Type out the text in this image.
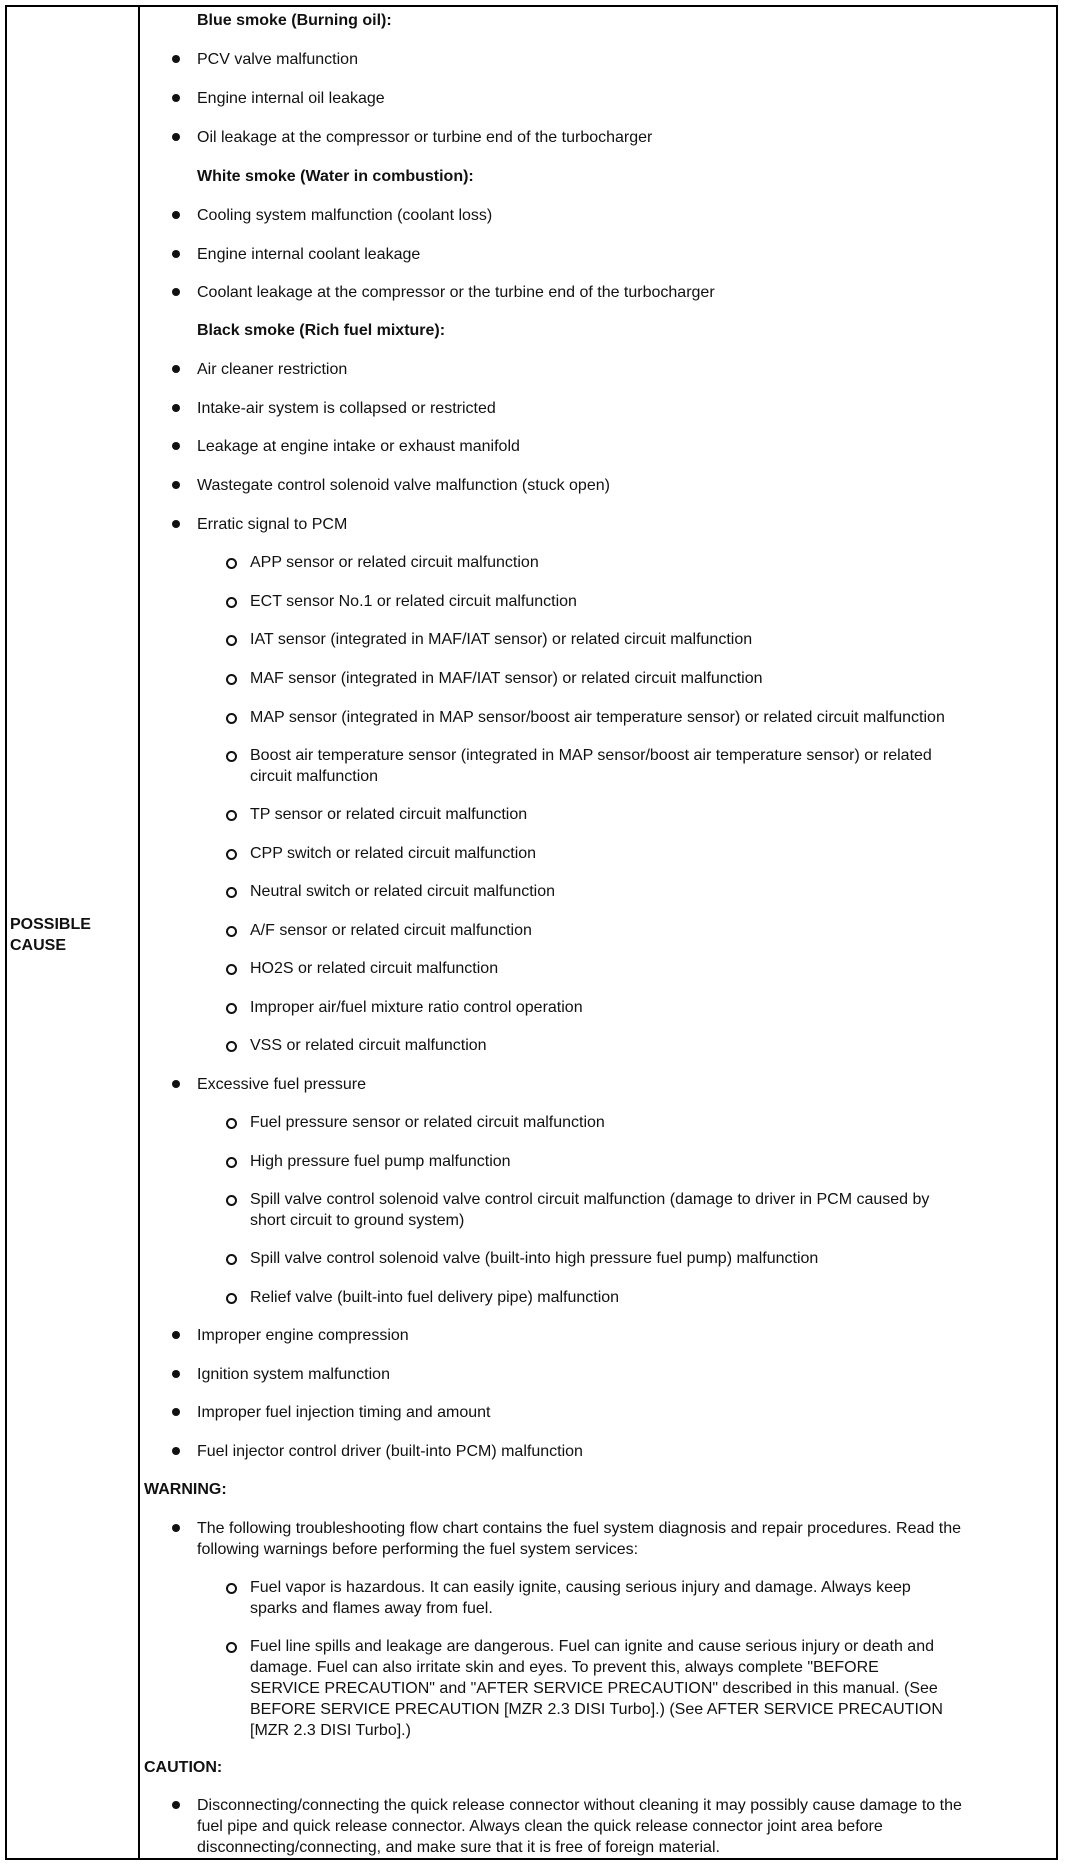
POSSIBLE
CAUSE
Blue smoke (Burning oil):
PCV valve malfunction
Engine internal oil leakage
Oil leakage at the compressor or turbine end of the turbocharger
White smoke (Water in combustion):
Cooling system malfunction (coolant loss)
Engine internal coolant leakage
Coolant leakage at the compressor or the turbine end of the turbocharger
Black smoke (Rich fuel mixture):
Air cleaner restriction
Intake-air system is collapsed or restricted
Leakage at engine intake or exhaust manifold
Wastegate control solenoid valve malfunction (stuck open)
Erratic signal to PCM
APP sensor or related circuit malfunction
ECT sensor No.1 or related circuit malfunction
IAT sensor (integrated in MAF/IAT sensor) or related circuit malfunction
MAF sensor (integrated in MAF/IAT sensor) or related circuit malfunction
MAP sensor (integrated in MAP sensor/boost air temperature sensor) or related circuit malfunction
Boost air temperature sensor (integrated in MAP sensor/boost air temperature sensor) or related
circuit malfunction
TP sensor or related circuit malfunction
CPP switch or related circuit malfunction
Neutral switch or related circuit malfunction
A/F sensor or related circuit malfunction
HO2S or related circuit malfunction
Improper air/fuel mixture ratio control operation
VSS or related circuit malfunction
Excessive fuel pressure
Fuel pressure sensor or related circuit malfunction
High pressure fuel pump malfunction
Spill valve control solenoid valve control circuit malfunction (damage to driver in PCM caused by
short circuit to ground system)
Spill valve control solenoid valve (built-into high pressure fuel pump) malfunction
Relief valve (built-into fuel delivery pipe) malfunction
Improper engine compression
Ignition system malfunction
Improper fuel injection timing and amount
Fuel injector control driver (built-into PCM) malfunction
WARNING:
The following troubleshooting flow chart contains the fuel system diagnosis and repair procedures. Read the
following warnings before performing the fuel system services:
Fuel vapor is hazardous. It can easily ignite, causing serious injury and damage. Always keep
sparks and flames away from fuel.
Fuel line spills and leakage are dangerous. Fuel can ignite and cause serious injury or death and
damage. Fuel can also irritate skin and eyes. To prevent this, always complete "BEFORE
SERVICE PRECAUTION" and "AFTER SERVICE PRECAUTION" described in this manual. (See
BEFORE SERVICE PRECAUTION [MZR 2.3 DISI Turbo].) (See AFTER SERVICE PRECAUTION
[MZR 2.3 DISI Turbo].)
CAUTION:
Disconnecting/connecting the quick release connector without cleaning it may possibly cause damage to the
fuel pipe and quick release connector. Always clean the quick release connector joint area before
disconnecting/connecting, and make sure that it is free of foreign material.
